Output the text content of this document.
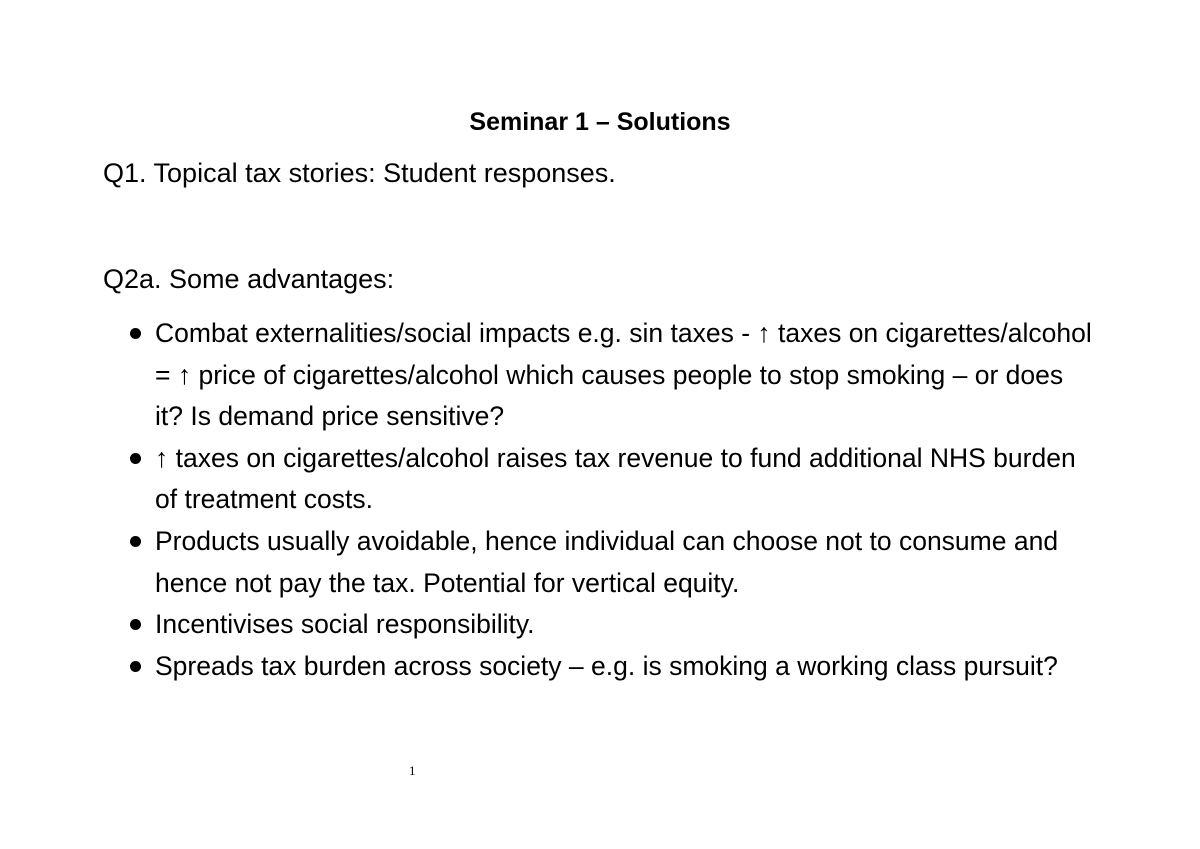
Seminar 1 – Solutions
Q1. Topical tax stories: Student responses.
Q2a. Some advantages:
Combat externalities/social impacts e.g. sin taxes - ↑ taxes on cigarettes/alcohol = ↑ price of cigarettes/alcohol which causes people to stop smoking – or does it? Is demand price sensitive?
↑ taxes on cigarettes/alcohol raises tax revenue to fund additional NHS burden of treatment costs.
Products usually avoidable, hence individual can choose not to consume and hence not pay the tax. Potential for vertical equity.
Incentivises social responsibility.
Spreads tax burden across society – e.g. is smoking a working class pursuit?
1
